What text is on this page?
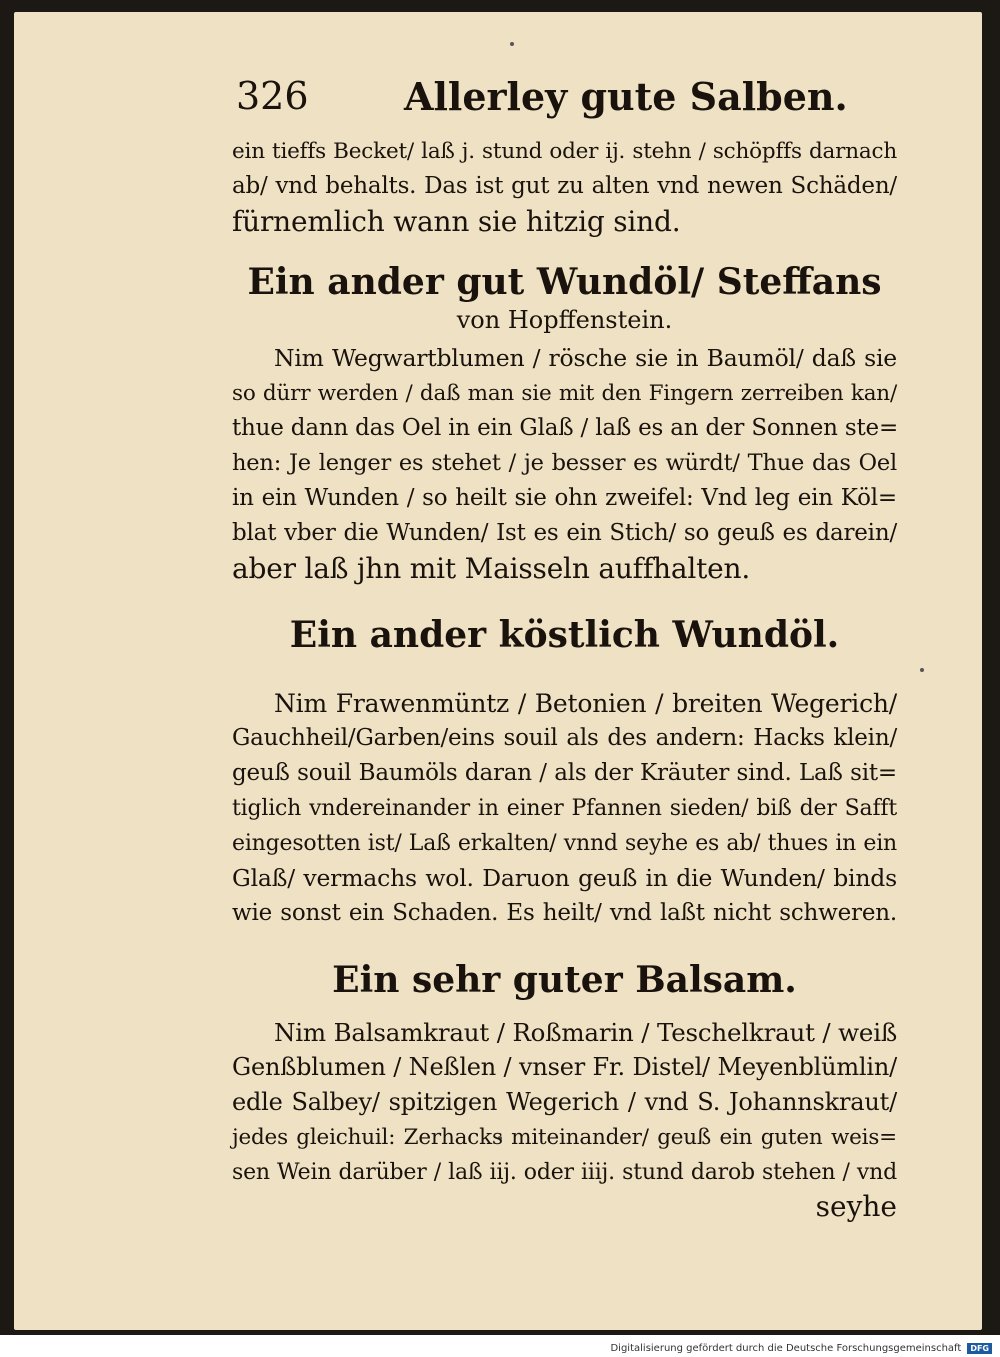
326	Allerley gute Salben.
ein tieffs Becket/ laß j. stund oder ij. stehn / schöpffs darnach
ab/ vnd behalts. Das ist gut zu alten vnd newen Schäden/
fürnemlich wann sie hitzig sind.
Ein ander gut Wundöl/ Steffans
von Hopffenstein.
Nim Wegwartblumen / rösche sie in Baumöl/ daß sie
so dürr werden / daß man sie mit den Fingern zerreiben kan/
thue dann das Oel in ein Glaß / laß es an der Sonnen ste=
hen: Je lenger es stehet / je besser es würdt/ Thue das Oel
in ein Wunden / so heilt sie ohn zweifel: Vnd leg ein Köl=
blat vber die Wunden/ Ist es ein Stich/ so geuß es darein/
aber laß jhn mit Maisseln auffhalten.
Ein ander köstlich Wundöl.
Nim Frawenmüntz / Betonien / breiten Wegerich/
Gauchheil/Garben/eins souil als des andern: Hacks klein/
geuß souil Baumöls daran / als der Kräuter sind. Laß sit=
tiglich vndereinander in einer Pfannen sieden/ biß der Safft
eingesotten ist/ Laß erkalten/ vnnd seyhe es ab/ thues in ein
Glaß/ vermachs wol. Daruon geuß in die Wunden/ binds
wie sonst ein Schaden. Es heilt/ vnd laßt nicht schweren.
Ein sehr guter Balsam.
Nim Balsamkraut / Roßmarin / Teschelkraut / weiß
Genßblumen / Neßlen / vnser Fr. Distel/ Meyenblümlin/
edle Salbey/ spitzigen Wegerich / vnd S. Johannskraut/
jedes gleichuil: Zerhacks miteinander/ geuß ein guten weis=
sen Wein darüber / laß iij. oder iiij. stund darob stehen / vnd
seyhe
Digitalisierung gefördert durch die Deutsche Forschungsgemeinschaft	DFG
